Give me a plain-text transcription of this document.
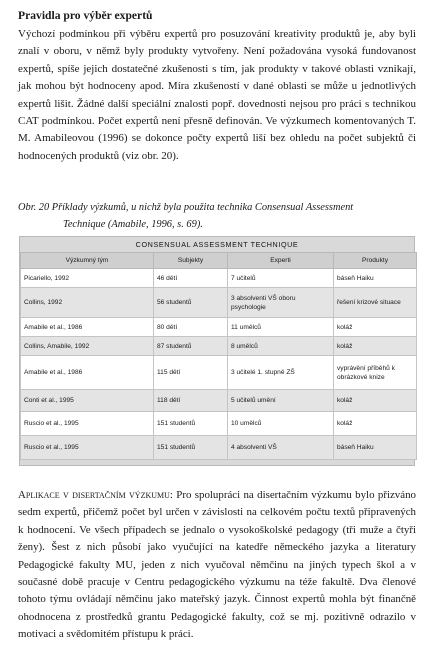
Pravidla pro výběr expertů

Výchozí podmínkou při výběru expertů pro posuzování kreativity produktů je, aby byli znalí v oboru, v němž byly produkty vytvořeny. Není požadována vysoká fundovanost expertů, spíše jejich dostatečné zkušenosti s tím, jak produkty v takové oblasti vznikají, jak mohou být hodnoceny apod. Míra zkušeností v dané oblasti se může u jednotlivých expertů lišit. Žádné další speciální znalosti popř. dovednosti nejsou pro práci s technikou CAT podmínkou. Počet expertů není přesně definován. Ve výzkumech komentovaných T. M. Amabileovou (1996) se dokonce počty expertů liší bez ohledu na počet subjektů či hodnocených produktů (viz obr. 20).

Obr. 20 Příklady výzkumů, u nichž byla použita technika Consensual Assessment
Technique (Amabile, 1996, s. 69).

CONSENSUAL ASSESSMENT TECHNIQUE
Výzkumný tým	Subjekty	Experti	Produkty
Picariello, 1992	46 dětí	7 učitelů	báseň Haiku
Collins, 1992	56 studentů	3 absolventi VŠ oboru psychologie	řešení krizové situace
Amabile et al., 1986	80 dětí	11 umělců	koláž
Collins, Amabile, 1992	87 studentů	8 umělců	koláž
Amabile et al., 1986	115 dětí	3 učitelé 1. stupně ZŠ	vyprávění příběhů k obrázkové knize
Conti et al., 1995	118 dětí	5 učitelů umění	koláž
Ruscio et al., 1995	151 studentů	10 umělců	koláž
Ruscio et al., 1995	151 studentů	4 absolventi VŠ	báseň Haiku

Aplikace v disertačním výzkumu: Pro spolupráci na disertačním výzkumu bylo přizváno sedm expertů, přičemž počet byl určen v závislosti na celkovém počtu textů připravených k hodnocení. Ve všech případech se jednalo o vysokoškolské pedagogy (tři muže a čtyři ženy). Šest z nich působí jako vyučující na katedře německého jazyka a literatury Pedagogické fakulty MU, jeden z nich vyučoval němčinu na jiných typech škol a v současné době pracuje v Centru pedagogického výzkumu na téže fakultě. Dva členové tohoto týmu ovládají němčinu jako mateřský jazyk. Činnost expertů mohla být finančně ohodnocena z prostředků grantu Pedagogické fakulty, což se mj. pozitivně odrazilo v motivaci a svědomitém přístupu k práci.
